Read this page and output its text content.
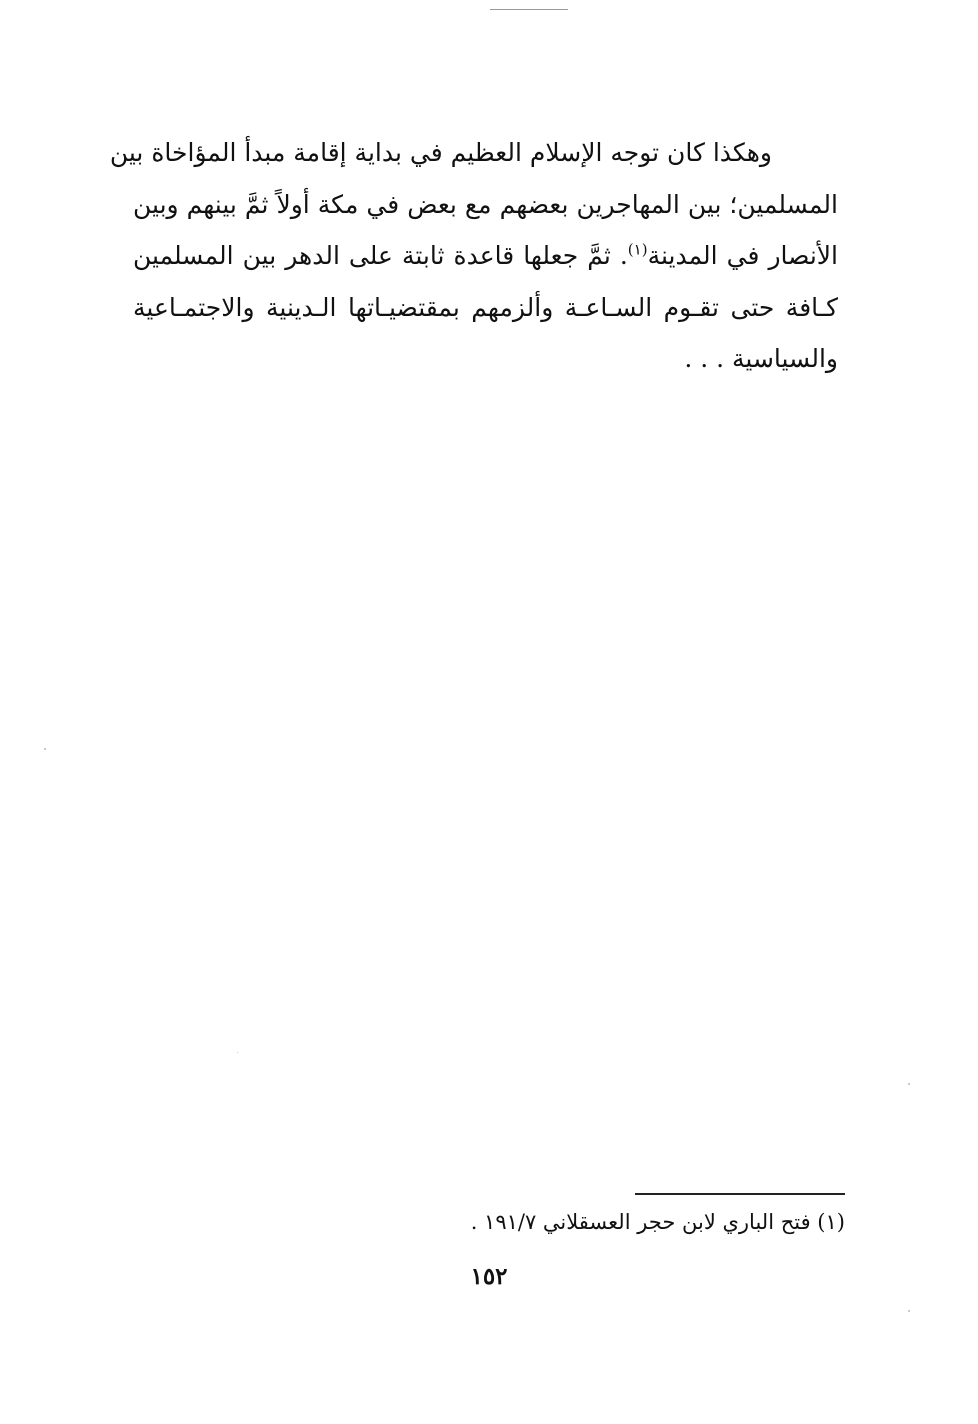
وهكذا كان توجه الإسلام العظيم في بداية إقامة مبدأ المؤاخاة بين
المسلمين؛ بين المهاجرين بعضهم مع بعض في مكة أولاً ثمَّ بينهم وبين
الأنصار في المدينة$^{(١)}$. ثمَّ جعلها قاعدة ثابتة على الدهر بين المسلمين
كـافة حتى تقـوم السـاعـة وألزمهم بمقتضيـاتها الـدينية والاجتمـاعية
والسياسية . . .

(١) فتح الباري لابن حجر العسقلاني ١٩١/٧ .

١٥٢
